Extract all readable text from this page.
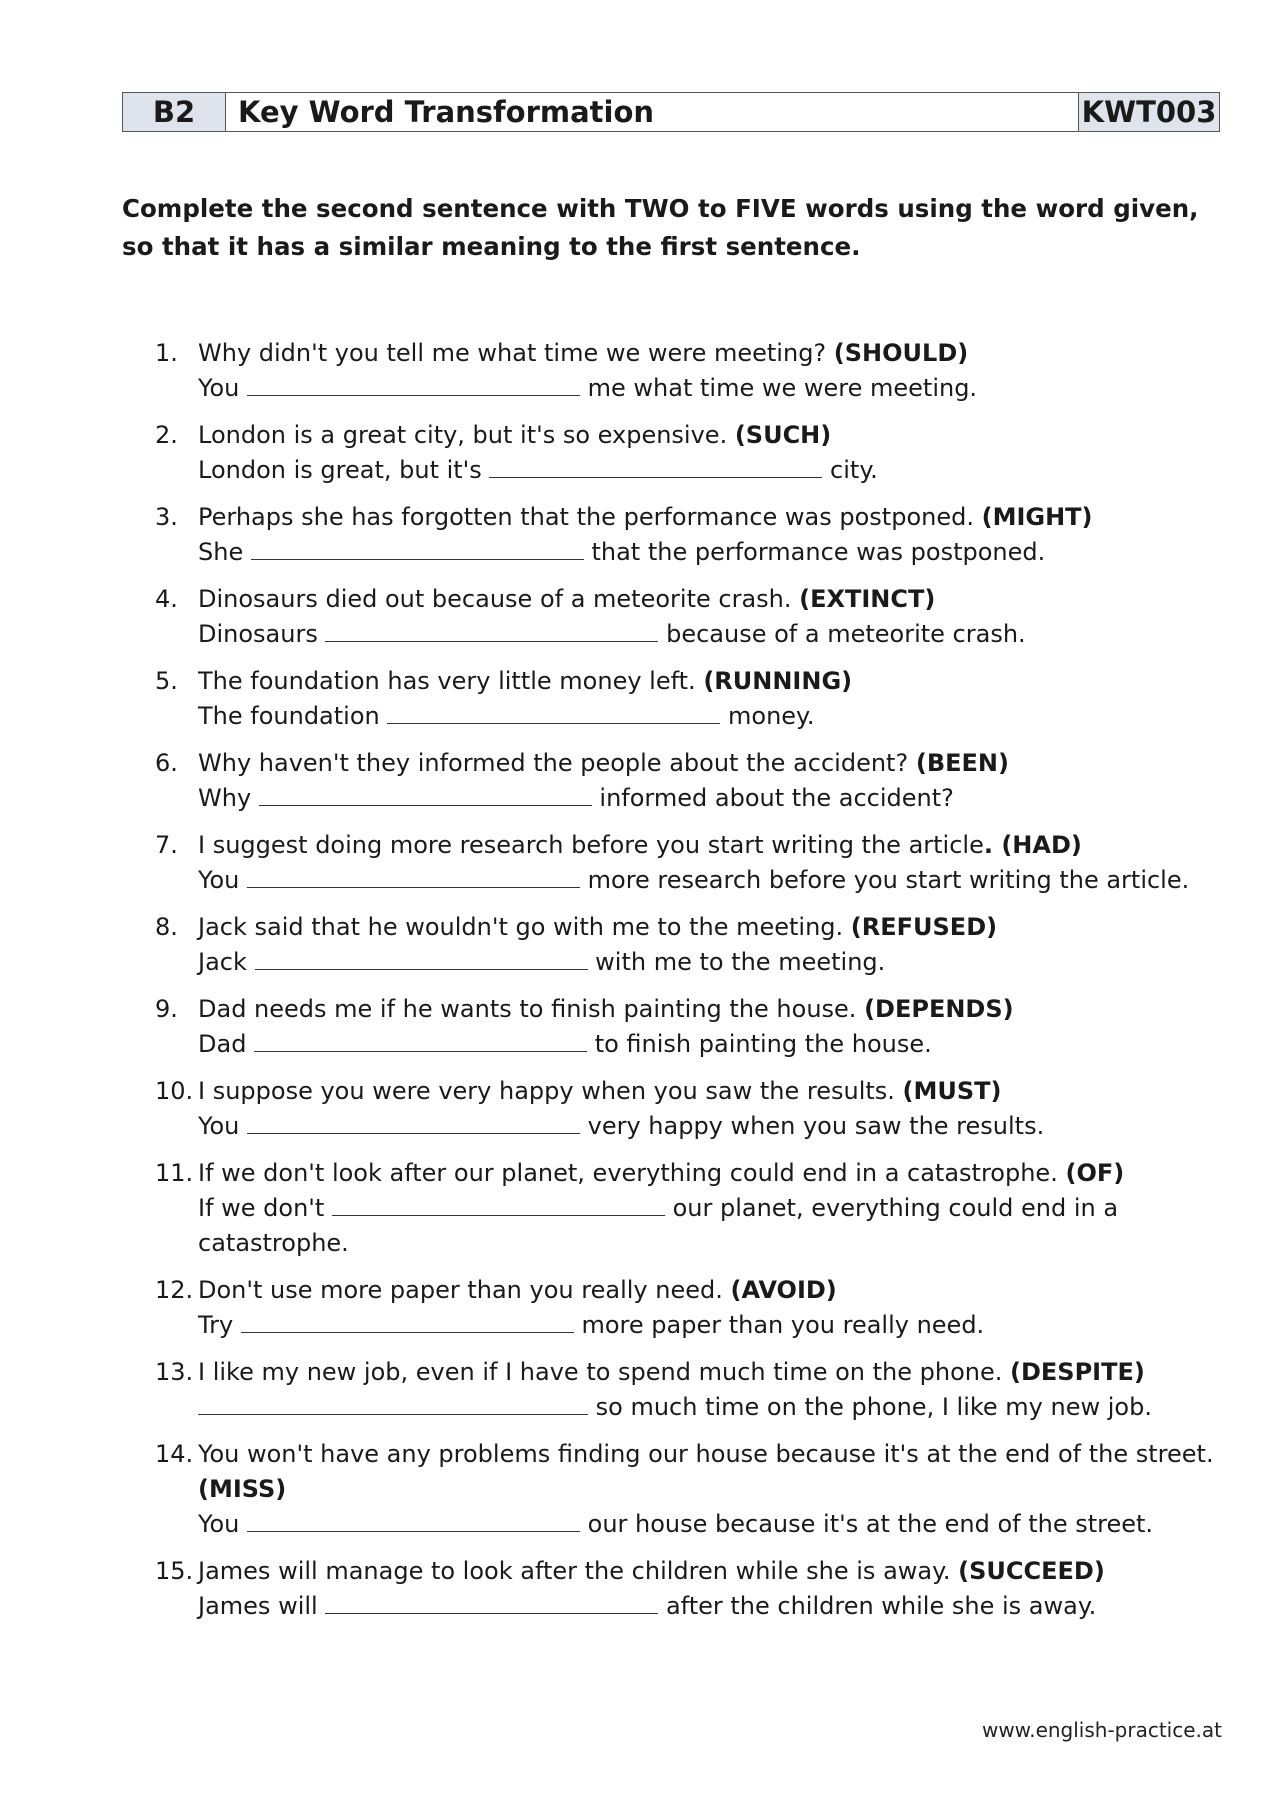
B2	Key Word Transformation	KWT003

Complete the second sentence with TWO to FIVE words using the word given, so that it has a similar meaning to the first sentence.

1. Why didn't you tell me what time we were meeting? (SHOULD)
You	me what time we were meeting.
2. London is a great city, but it's so expensive. (SUCH)
London is great, but it's	city.
3. Perhaps she has forgotten that the performance was postponed. (MIGHT)
She	that the performance was postponed.
4. Dinosaurs died out because of a meteorite crash. (EXTINCT)
Dinosaurs	because of a meteorite crash.
5. The foundation has very little money left. (RUNNING)
The foundation	money.
6. Why haven't they informed the people about the accident? (BEEN)
Why	informed about the accident?
7. I suggest doing more research before you start writing the article. (HAD)
You	more research before you start writing the article.
8. Jack said that he wouldn't go with me to the meeting. (REFUSED)
Jack	with me to the meeting.
9. Dad needs me if he wants to finish painting the house. (DEPENDS)
Dad	to finish painting the house.
10. I suppose you were very happy when you saw the results. (MUST)
You	very happy when you saw the results.
11. If we don't look after our planet, everything could end in a catastrophe. (OF)
If we don't	our planet, everything could end in a catastrophe.
12. Don't use more paper than you really need. (AVOID)
Try	more paper than you really need.
13. I like my new job, even if I have to spend much time on the phone. (DESPITE)
so much time on the phone, I like my new job.
14. You won't have any problems finding our house because it's at the end of the street. (MISS)
You	our house because it's at the end of the street.
15. James will manage to look after the children while she is away. (SUCCEED)
James will	after the children while she is away.
www.english-practice.at
